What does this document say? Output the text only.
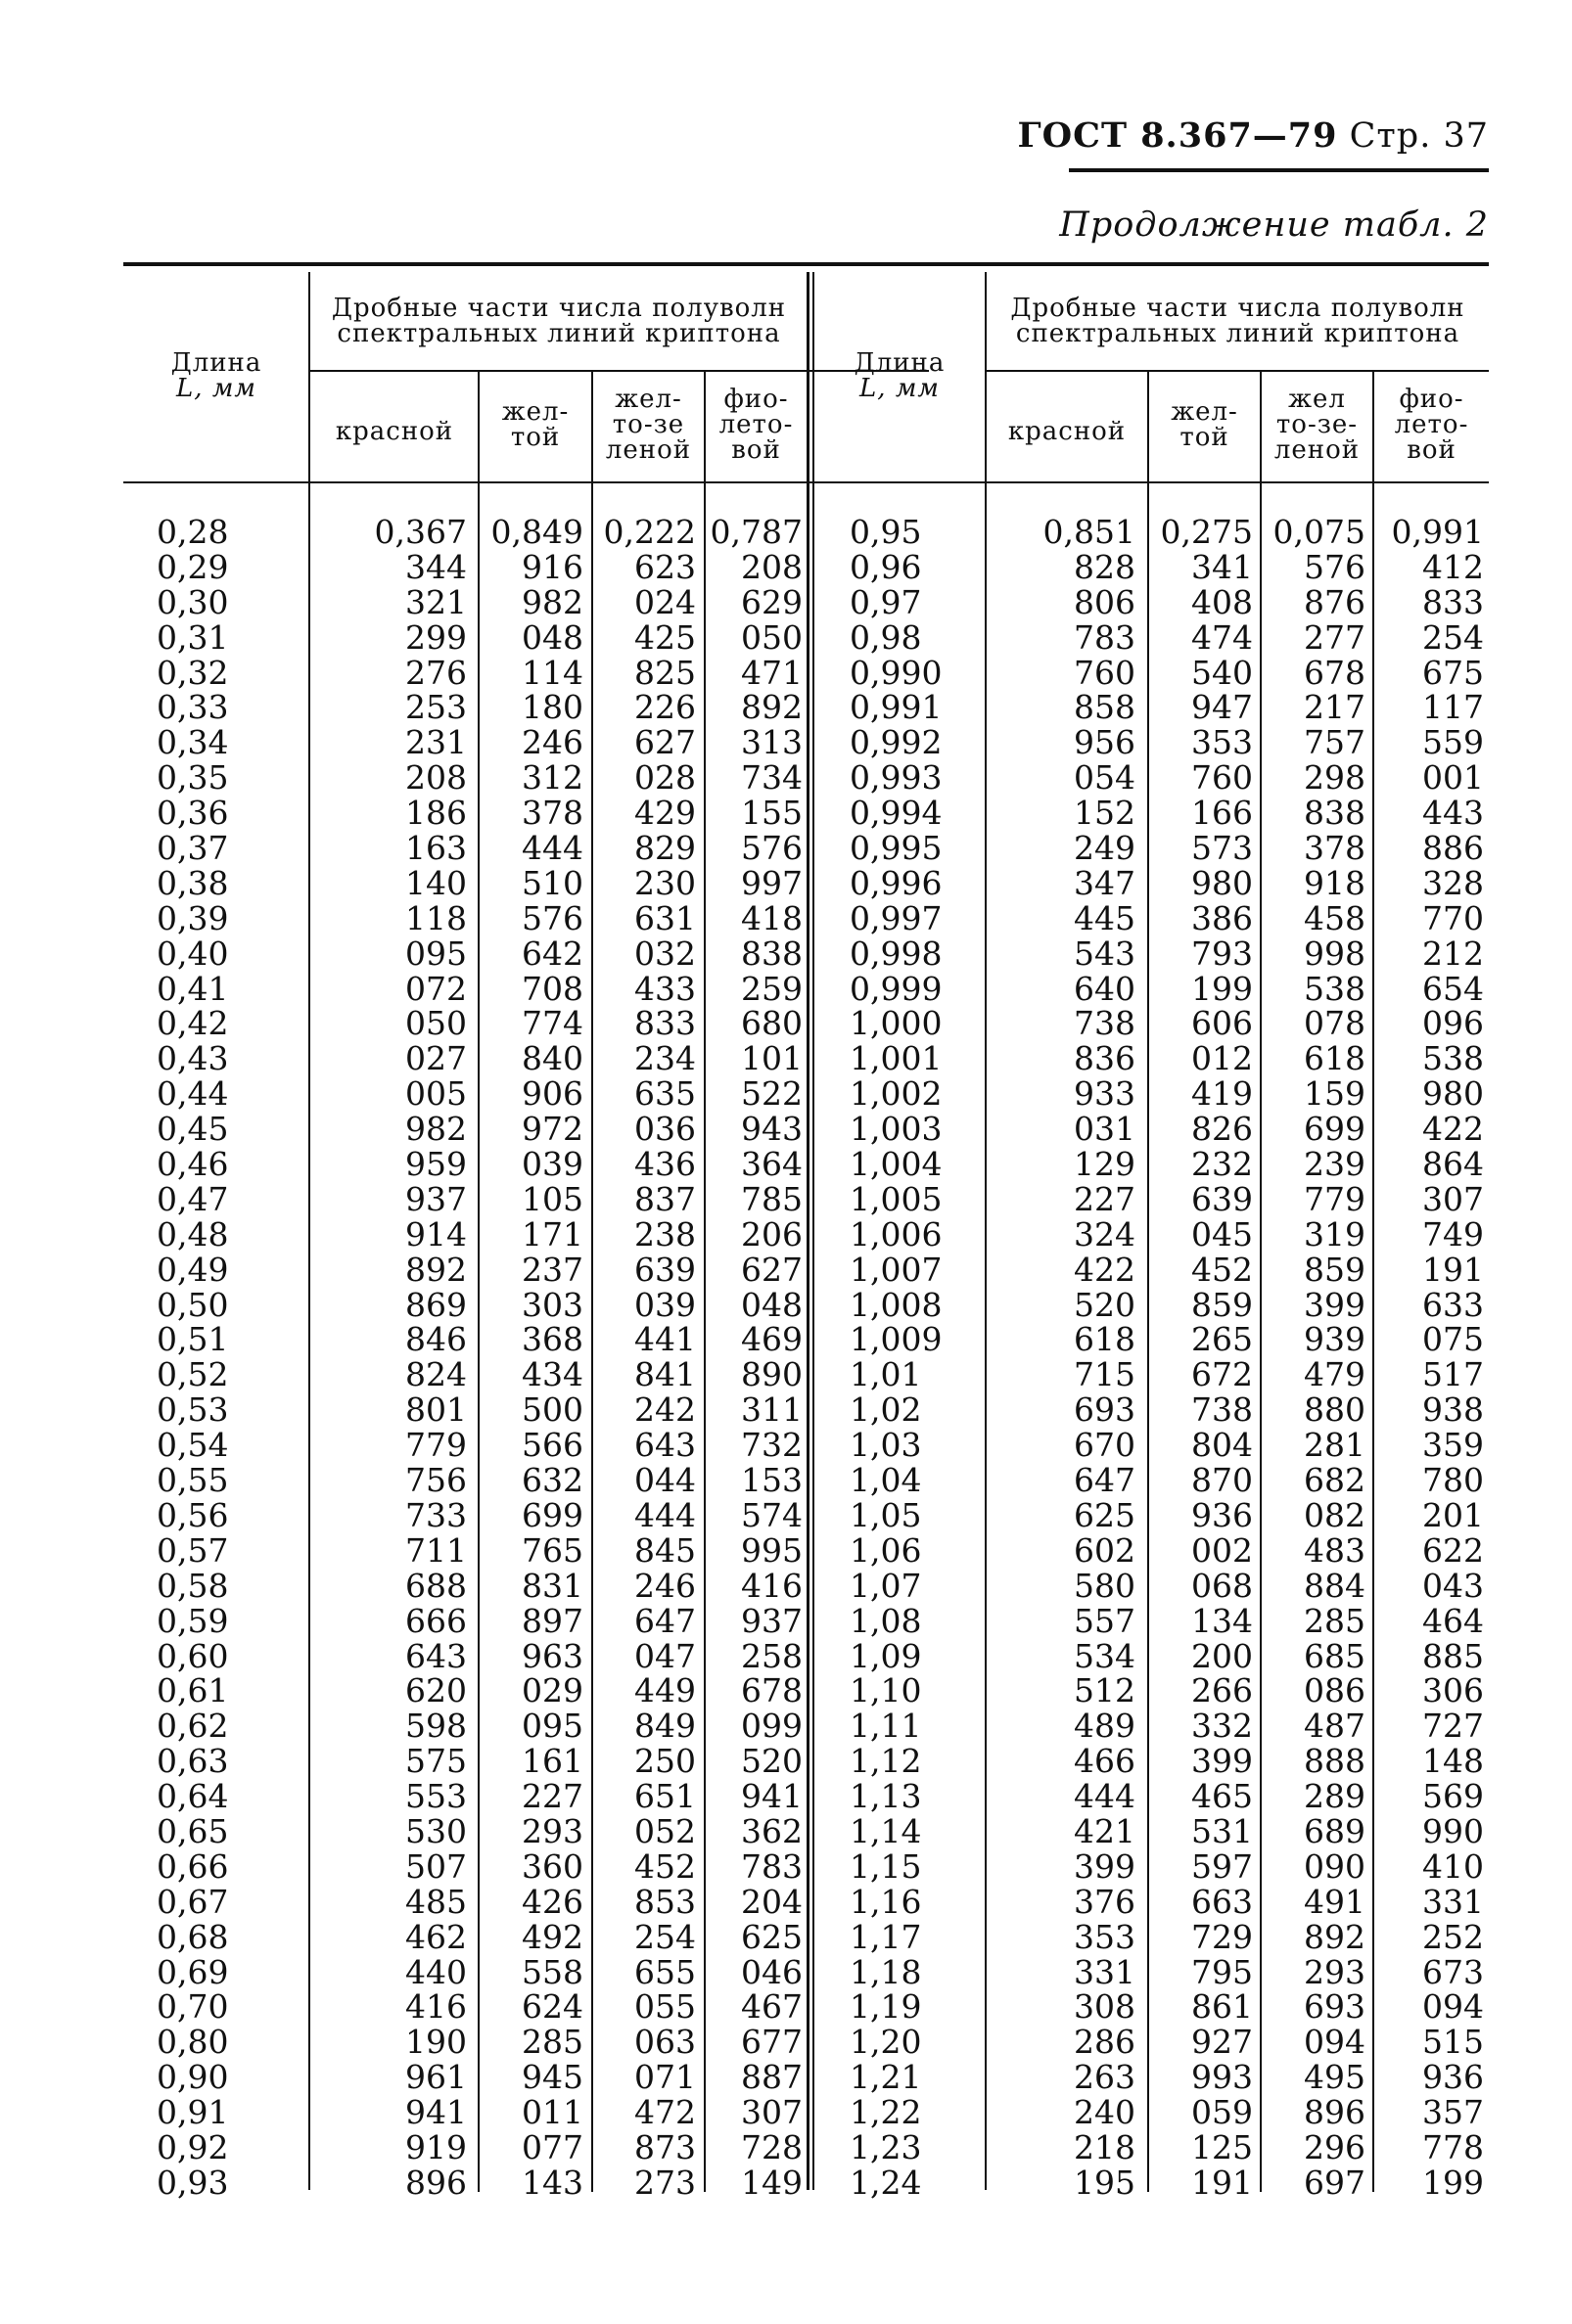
ГОСТ 8.367—79 Стр. 37
Продолжение табл. 2
Длина
L, мм
Дробные части числа полуволн
спектральных линий криптона
красной
жел-
той
жел-
то-зе
леной
фио-
лето-
вой
Длина
L, мм
Дробные части числа полуволн
спектральных линий криптона
красной
жел-
той
жел
то-зе-
леной
фио-
лето-
вой
0,28
0,29
0,30
0,31
0,32
0,33
0,34
0,35
0,36
0,37
0,38
0,39
0,40
0,41
0,42
0,43
0,44
0,45
0,46
0,47
0,48
0,49
0,50
0,51
0,52
0,53
0,54
0,55
0,56
0,57
0,58
0,59
0,60
0,61
0,62
0,63
0,64
0,65
0,66
0,67
0,68
0,69
0,70
0,80
0,90
0,91
0,92
0,93
0,367
344
321
299
276
253
231
208
186
163
140
118
095
072
050
027
005
982
959
937
914
892
869
846
824
801
779
756
733
711
688
666
643
620
598
575
553
530
507
485
462
440
416
190
961
941
919
896
0,849
916
982
048
114
180
246
312
378
444
510
576
642
708
774
840
906
972
039
105
171
237
303
368
434
500
566
632
699
765
831
897
963
029
095
161
227
293
360
426
492
558
624
285
945
011
077
143
0,222
623
024
425
825
226
627
028
429
829
230
631
032
433
833
234
635
036
436
837
238
639
039
441
841
242
643
044
444
845
246
647
047
449
849
250
651
052
452
853
254
655
055
063
071
472
873
273
0,787
208
629
050
471
892
313
734
155
576
997
418
838
259
680
101
522
943
364
785
206
627
048
469
890
311
732
153
574
995
416
937
258
678
099
520
941
362
783
204
625
046
467
677
887
307
728
149
0,95
0,96
0,97
0,98
0,990
0,991
0,992
0,993
0,994
0,995
0,996
0,997
0,998
0,999
1,000
1,001
1,002
1,003
1,004
1,005
1,006
1,007
1,008
1,009
1,01
1,02
1,03
1,04
1,05
1,06
1,07
1,08
1,09
1,10
1,11
1,12
1,13
1,14
1,15
1,16
1,17
1,18
1,19
1,20
1,21
1,22
1,23
1,24
0,851
828
806
783
760
858
956
054
152
249
347
445
543
640
738
836
933
031
129
227
324
422
520
618
715
693
670
647
625
602
580
557
534
512
489
466
444
421
399
376
353
331
308
286
263
240
218
195
0,275
341
408
474
540
947
353
760
166
573
980
386
793
199
606
012
419
826
232
639
045
452
859
265
672
738
804
870
936
002
068
134
200
266
332
399
465
531
597
663
729
795
861
927
993
059
125
191
0,075
576
876
277
678
217
757
298
838
378
918
458
998
538
078
618
159
699
239
779
319
859
399
939
479
880
281
682
082
483
884
285
685
086
487
888
289
689
090
491
892
293
693
094
495
896
296
697
0,991
412
833
254
675
117
559
001
443
886
328
770
212
654
096
538
980
422
864
307
749
191
633
075
517
938
359
780
201
622
043
464
885
306
727
148
569
990
410
331
252
673
094
515
936
357
778
199
